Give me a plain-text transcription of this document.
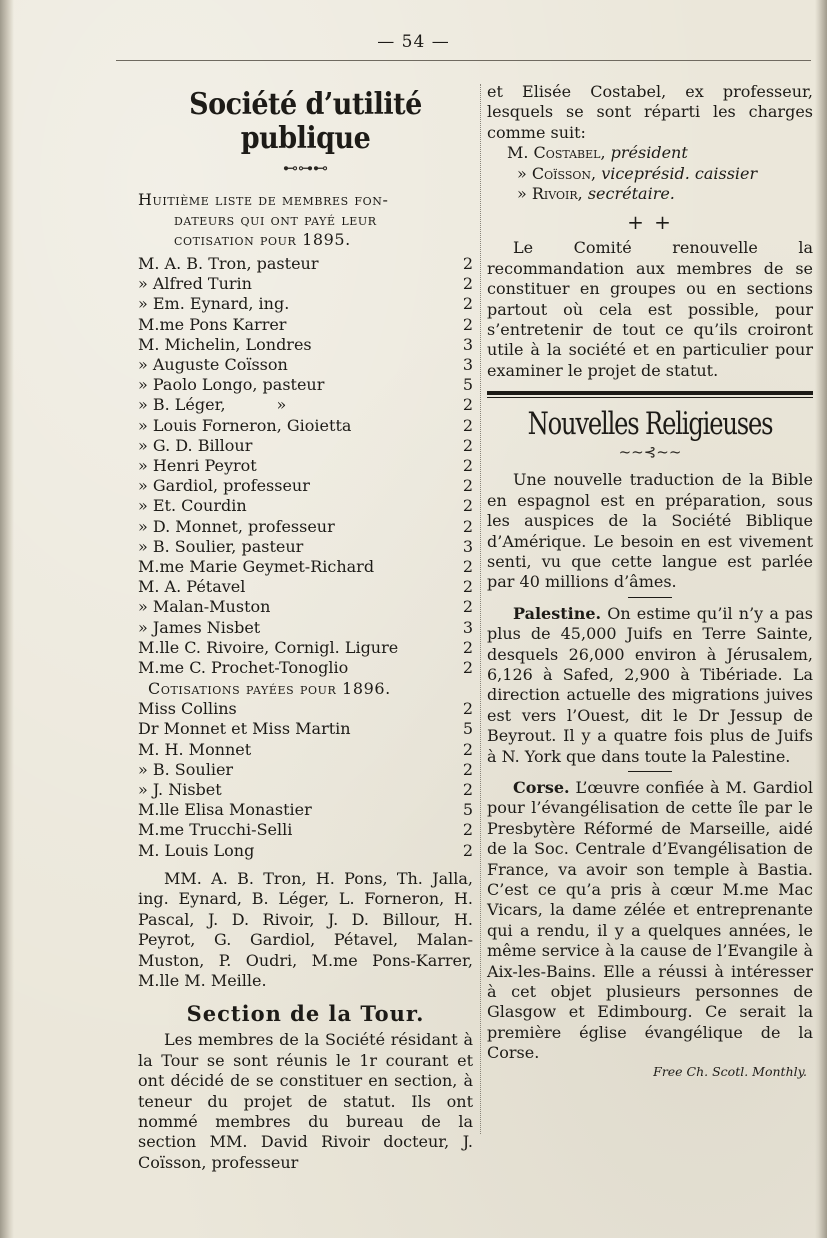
— 54 —
Société d’utilité publique
⊷⊶⊷
Huitième liste de membres fon-
dateurs qui ont payé leur
cotisation pour 1895.
M. A. B. Tron, pasteur	2
» Alfred Turin	2
» Em. Eynard, ing.	2
M.me Pons Karrer	2
M. Michelin, Londres	3
» Auguste Coïsson	3
» Paolo Longo, pasteur	5
» B. Léger,          »	2
» Louis Forneron, Gioietta	2
» G. D. Billour	2
» Henri Peyrot	2
» Gardiol, professeur	2
» Et. Courdin	2
» D. Monnet, professeur	2
» B. Soulier, pasteur	3
M.me Marie Geymet-Richard	2
M. A. Pétavel	2
» Malan-Muston	2
» James Nisbet	3
M.lle C. Rivoire, Cornigl. Ligure	2
M.me C. Prochet-Tonoglio	2
Cotisations payées pour 1896.
Miss Collins	2
Dr Monnet et Miss Martin	5
M. H. Monnet	2
» B. Soulier	2
» J. Nisbet	2
M.lle Elisa Monastier	5
M.me Trucchi-Selli	2
M. Louis Long	2

MM. A. B. Tron, H. Pons, Th. Jalla, ing. Eynard, B. Léger, L. Forneron, H. Pascal, J. D. Rivoir, J. D. Billour, H. Peyrot, G. Gardiol, Pétavel, Malan-Muston, P. Oudri, M.me Pons-Karrer, M.lle M. Meille.

Section de la Tour.

Les membres de la Société résidant à la Tour se sont réunis le 1r courant et ont décidé de se constituer en section, à teneur du projet de statut. Ils ont nommé membres du bureau de la section MM. David Rivoir docteur, J. Coïsson, professeur

et Elisée Costabel, ex professeur, lesquels se sont réparti les charges comme suit:

M. Costabel, président
» Coïsson, viceprésid. caissier
» Rivoir, secrétaire.
+ +

Le Comité renouvelle la recommandation aux membres de se constituer en groupes ou en sections partout où cela est possible, pour s’entretenir de tout ce qu’ils croiront utile à la société et en particulier pour examiner le projet de statut.

Nouvelles Religieuses
~~⊰~~

Une nouvelle traduction de la Bible en espagnol est en préparation, sous les auspices de la Société Biblique d’Amérique. Le besoin en est vivement senti, vu que cette langue est parlée par 40 millions d’âmes.

Palestine. On estime qu’il n’y a pas plus de 45,000 Juifs en Terre Sainte, desquels 26,000 environ à Jérusalem, 6,126 à Safed, 2,900 à Tibériade. La direction actuelle des migrations juives est vers l’Ouest, dit le Dr Jessup de Beyrout. Il y a quatre fois plus de Juifs à N. York que dans toute la Palestine.

Corse. L’œuvre confiée à M. Gardiol pour l’évangélisation de cette île par le Presbytère Réformé de Marseille, aidé de la Soc. Centrale d’Evangélisation de France, va avoir son temple à Bastia. C’est ce qu’a pris à cœur M.me Mac Vicars, la dame zélée et entreprenante qui a rendu, il y a quelques années, le même service à la cause de l’Evangile à Aix-les-Bains. Elle a réussi à intéresser à cet objet plusieurs personnes de Glasgow et Edimbourg. Ce serait la première église évangélique de la Corse.

Free Ch. Scotl. Monthly.
